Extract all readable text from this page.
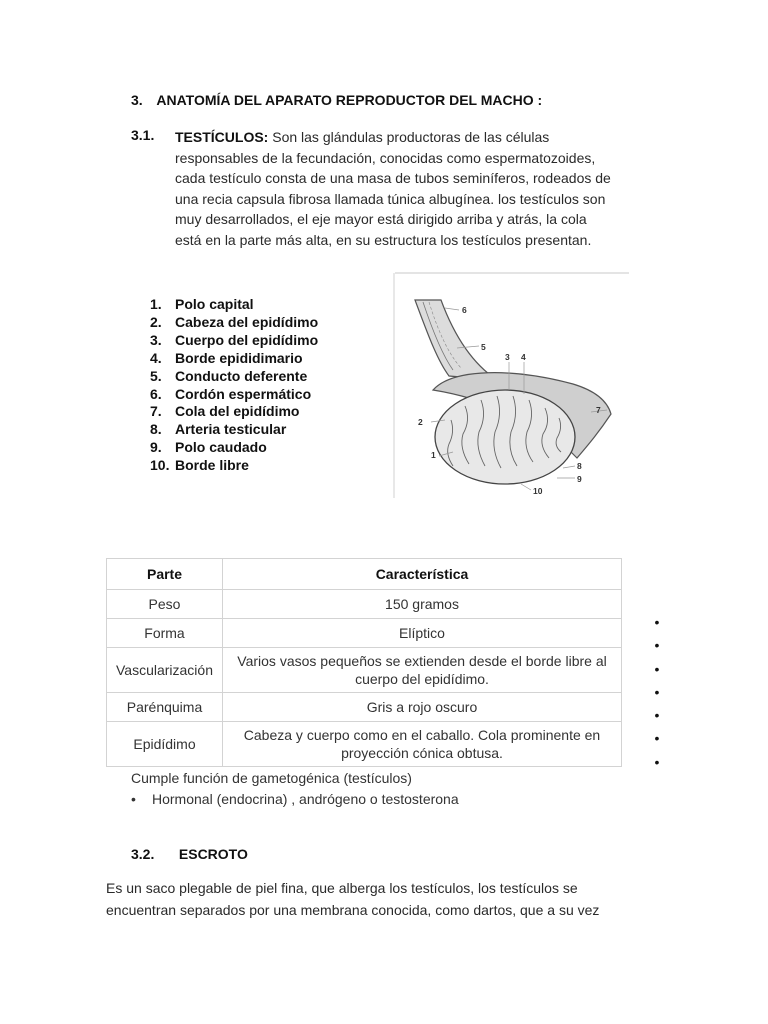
3. ANATOMÍA DEL APARATO REPRODUCTOR DEL MACHO :
3.1. TESTÍCULOS: Son las glándulas productoras de las células responsables de la fecundación, conocidas como espermatozoides, cada testículo consta de una masa de tubos seminíferos, rodeados de una recia capsula fibrosa llamada túnica albugínea. los testículos son muy desarrollados, el eje mayor está dirigido arriba y atrás, la cola está en la parte más alta, en su estructura los testículos presentan.
1. Polo capital
2. Cabeza del epidídimo
3. Cuerpo del epidídimo
4. Borde epididimario
5. Conducto deferente
6. Cordón espermático
7. Cola del epidídimo
8. Arteria testicular
9. Polo caudado
10. Borde libre
6
5
3 4
7
2
1
8
9
10
Parte	Característica
Peso	150 gramos
Forma	Elíptico
Vascularización	Varios vasos pequeños se extienden desde el borde libre al cuerpo del epidídimo.
Parénquima	Gris a rojo oscuro
Epidídimo	Cabeza y cuerpo como en el caballo. Cola prominente en proyección cónica obtusa.
•
•
•
•
•
•
•
Cumple función de gametogénica (testículos)
• Hormonal (endocrina) , andrógeno o testosterona
3.2. ESCROTO
Es un saco plegable de piel fina, que alberga los testículos, los testículos se encuentran separados por una membrana conocida, como dartos, que a su vez
